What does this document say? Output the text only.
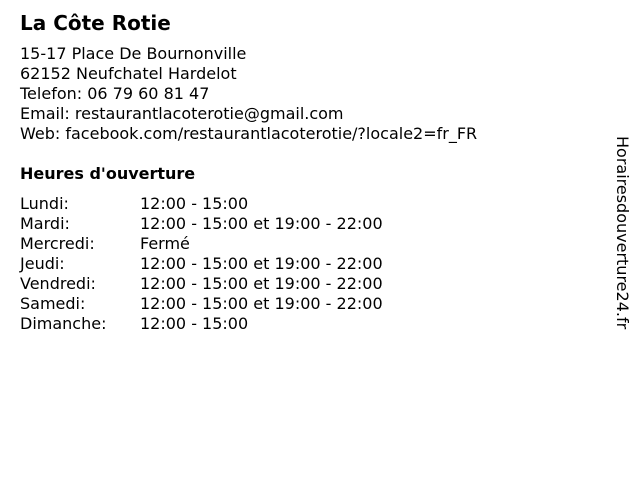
La Côte Rotie
15-17 Place De Bournonville
62152 Neufchatel Hardelot
Telefon: 06 79 60 81 47
Email: restaurantlacoterotie@gmail.com
Web: facebook.com/restaurantlacoterotie/?locale2=fr_FR
Heures d'ouverture
Lundi:	12:00 - 15:00
Mardi:	12:00 - 15:00 et 19:00 - 22:00
Mercredi:	Fermé
Jeudi:	12:00 - 15:00 et 19:00 - 22:00
Vendredi:	12:00 - 15:00 et 19:00 - 22:00
Samedi:	12:00 - 15:00 et 19:00 - 22:00
Dimanche: 12:00 - 15:00	Horairesdouverture24.fr
